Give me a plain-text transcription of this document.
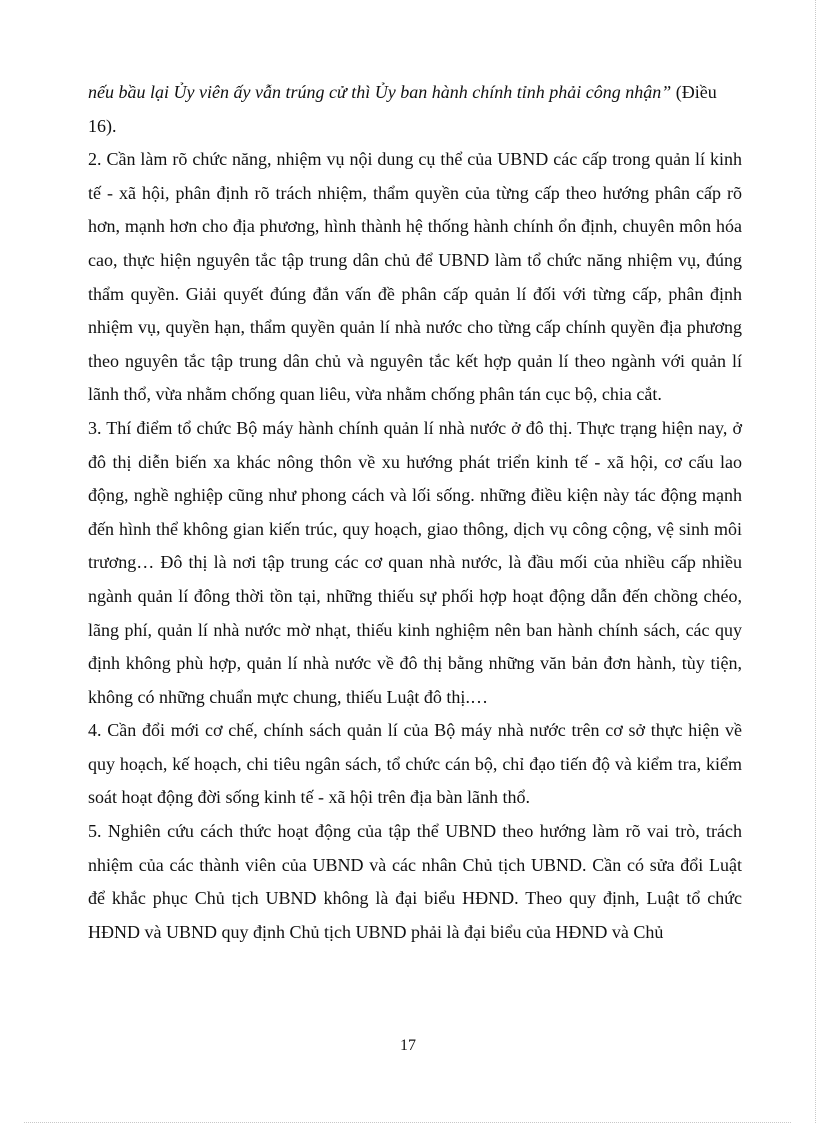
nếu bầu lại Ủy viên ấy vẫn trúng cử thì Ủy ban hành chính tỉnh phải công nhận” (Điều 16).

2. Cần làm rõ chức năng, nhiệm vụ nội dung cụ thể của UBND các cấp trong quản lí kinh tế - xã hội, phân định rõ trách nhiệm, thẩm quyền của từng cấp theo hướng phân cấp rõ hơn, mạnh hơn cho địa phương, hình thành hệ thống hành chính ổn định, chuyên môn hóa cao, thực hiện nguyên tắc tập trung dân chủ để UBND làm tổ chức năng nhiệm vụ, đúng thẩm quyền. Giải quyết đúng đắn vấn đề phân cấp quản lí đối với từng cấp, phân định nhiệm vụ, quyền hạn, thẩm quyền quản lí nhà nước cho từng cấp chính quyền địa phương theo nguyên tắc tập trung dân chủ và nguyên tắc kết hợp quản lí theo ngành với quản lí lãnh thổ, vừa nhằm chống quan liêu, vừa nhằm chống phân tán cục bộ, chia cắt.

3. Thí điểm tổ chức Bộ máy hành chính quản lí nhà nước ở đô thị. Thực trạng hiện nay, ở đô thị diễn biến xa khác nông thôn về xu hướng phát triển kinh tế - xã hội, cơ cấu lao động, nghề nghiệp cũng như phong cách và lối sống. những điều kiện này tác động mạnh đến hình thể không gian kiến trúc, quy hoạch, giao thông, dịch vụ công cộng, vệ sinh môi trương… Đô thị là nơi tập trung các cơ quan nhà nước, là đầu mối của nhiều cấp nhiều ngành quản lí đông thời tồn tại, những thiếu sự phối hợp hoạt động dẫn đến chồng chéo, lãng phí, quản lí nhà nước mờ nhạt, thiếu kinh nghiệm nên ban hành chính sách, các quy định không phù hợp, quản lí nhà nước về đô thị bằng những văn bản đơn hành, tùy tiện, không có những chuẩn mực chung, thiếu Luật đô thị.…

4. Cần đổi mới cơ chế, chính sách quản lí của Bộ máy nhà nước trên cơ sở thực hiện về quy hoạch, kế hoạch, chi tiêu ngân sách, tổ chức cán bộ, chỉ đạo tiến độ và kiểm tra, kiểm soát hoạt động đời sống kinh tế - xã hội trên địa bàn lãnh thổ.

5. Nghiên cứu cách thức hoạt động của tập thể UBND theo hướng làm rõ vai trò, trách nhiệm của các thành viên của UBND và các nhân Chủ tịch UBND. Cần có sửa đổi Luật để khắc phục Chủ tịch UBND không là đại biểu HĐND. Theo quy định, Luật tổ chức HĐND và UBND quy định Chủ tịch UBND phải là đại biểu của HĐND và Chủ

17
